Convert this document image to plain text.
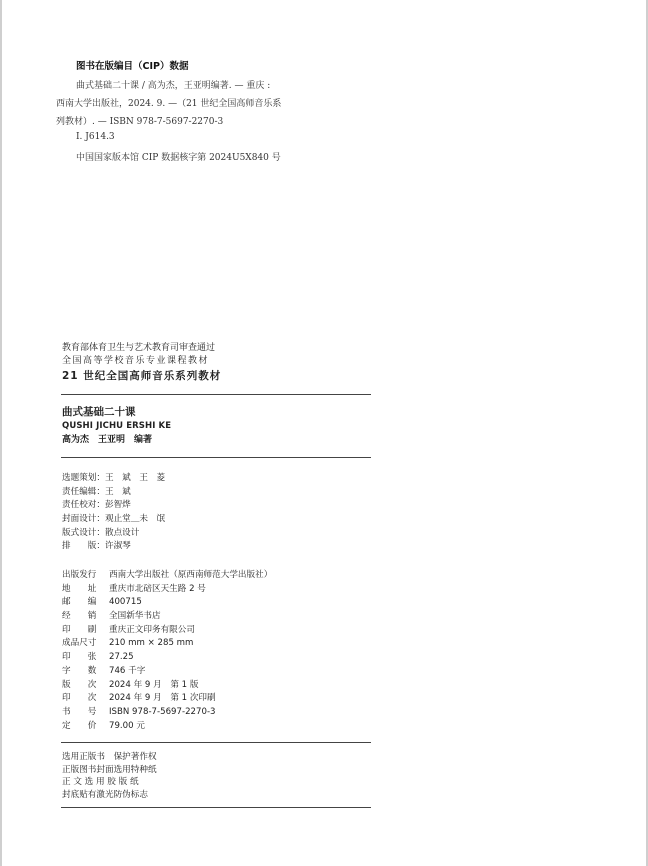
图书在版编目（CIP）数据
曲式基础二十课 / 高为杰，王亚明编著. — 重庆 :
西南大学出版社，2024. 9. —（21 世纪全国高师音乐系
列教材）. — ISBN 978-7-5697-2270-3
Ⅰ. J614.3
中国国家版本馆 CIP 数据核字第 2024U5X840 号
教育部体育卫生与艺术教育司审查通过
全国高等学校音乐专业课程教材
21 世纪全国高师音乐系列教材
曲式基础二十课
QUSHI JICHU ERSHI KE
高为杰　王亚明　编著
选题策划：王　斌　王　菱
责任编辑：王　斌
责任校对：彭智烨
封面设计：观止堂＿未　氓
版式设计：散点设计
排　　版：许淑琴
出版发行 西南大学出版社（原西南师范大学出版社）
地　　址 重庆市北碚区天生路 2 号
邮　　编 400715
经　　销 全国新华书店
印　　刷 重庆正文印务有限公司
成品尺寸 210 mm × 285 mm
印　　张 27.25
字　　数 746 千字
版　　次 2024 年 9 月　第 1 版
印　　次 2024 年 9 月　第 1 次印刷
书　　号 ISBN 978-7-5697-2270-3
定　　价 79.00 元
选用正版书　保护著作权
正版图书封面选用特种纸
正 文 选 用 胶 版 纸
封底贴有激光防伪标志
